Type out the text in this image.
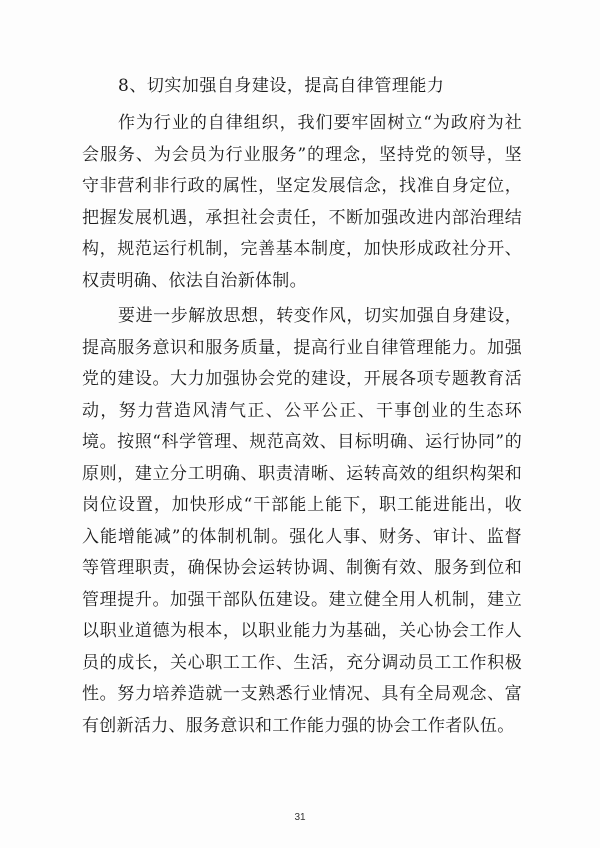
8、切实加强自身建设，提高自律管理能力

作为行业的自律组织，我们要牢固树立“为政府为社会服务、为会员为行业服务”的理念，坚持党的领导，坚守非营利非行政的属性，坚定发展信念，找准自身定位，把握发展机遇，承担社会责任，不断加强改进内部治理结构，规范运行机制，完善基本制度，加快形成政社分开、权责明确、依法自治新体制。

要进一步解放思想，转变作风，切实加强自身建设，提高服务意识和服务质量，提高行业自律管理能力。加强党的建设。大力加强协会党的建设，开展各项专题教育活动，努力营造风清气正、公平公正、干事创业的生态环境。按照“科学管理、规范高效、目标明确、运行协同”的原则，建立分工明确、职责清晰、运转高效的组织构架和岗位设置，加快形成“干部能上能下，职工能进能出，收入能增能减”的体制机制。强化人事、财务、审计、监督等管理职责，确保协会运转协调、制衡有效、服务到位和管理提升。加强干部队伍建设。建立健全用人机制，建立以职业道德为根本，以职业能力为基础，关心协会工作人员的成长，关心职工工作、生活，充分调动员工工作积极性。努力培养造就一支熟悉行业情况、具有全局观念、富有创新活力、服务意识和工作能力强的协会工作者队伍。

31
